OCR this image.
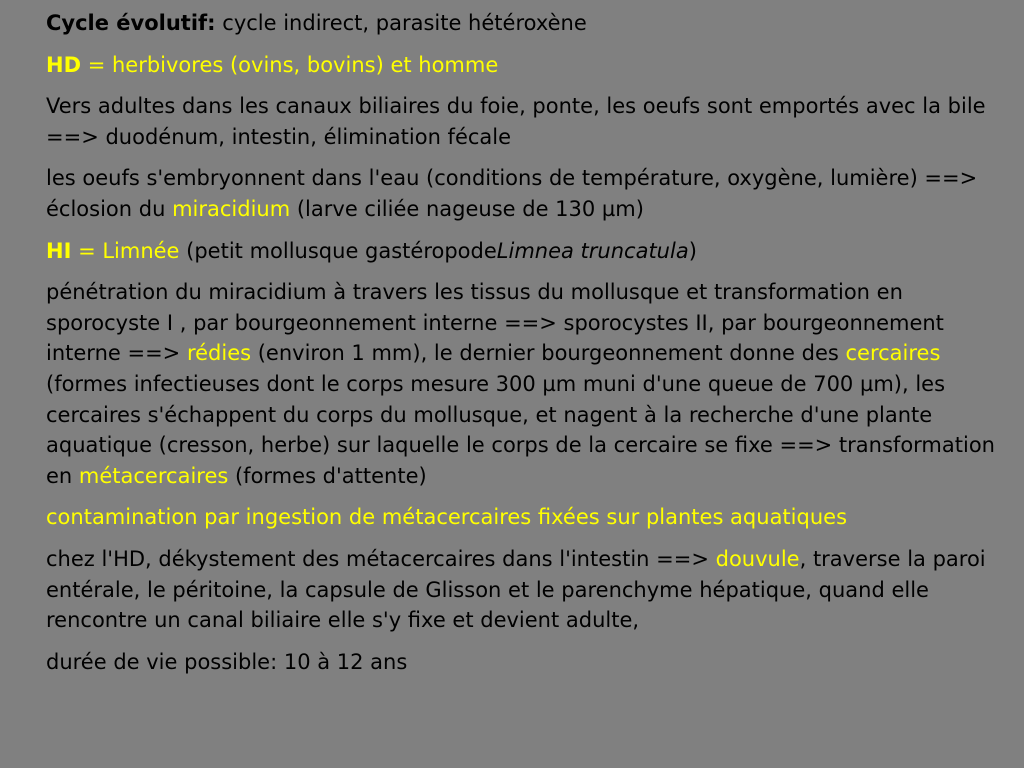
Cycle évolutif: cycle indirect, parasite hétéroxène

HD = herbivores (ovins, bovins) et homme

Vers adultes dans les canaux biliaires du foie, ponte, les oeufs sont emportés avec la bile ==> duodénum, intestin, élimination fécale

les oeufs s'embryonnent dans l'eau (conditions de température, oxygène, lumière) ==> éclosion du miracidium (larve ciliée nageuse de 130 µm)

HI = Limnée (petit mollusque gastéropodeLimnea truncatula)

pénétration du miracidium à travers les tissus du mollusque et transformation en sporocyste I , par bourgeonnement interne ==> sporocystes II, par bourgeonnement interne ==> rédies (environ 1 mm), le dernier bourgeonnement donne des cercaires (formes infectieuses dont le corps mesure 300 µm muni d'une queue de 700 µm), les cercaires s'échappent du corps du mollusque, et nagent à la recherche d'une plante aquatique (cresson, herbe) sur laquelle le corps de la cercaire se fixe ==> transformation en métacercaires (formes d'attente)

contamination par ingestion de métacercaires fixées sur plantes aquatiques

chez l'HD, dékystement des métacercaires dans l'intestin ==> douvule, traverse la paroi entérale, le péritoine, la capsule de Glisson et le parenchyme hépatique, quand elle rencontre un canal biliaire elle s'y fixe et devient adulte,

durée de vie possible: 10 à 12 ans
